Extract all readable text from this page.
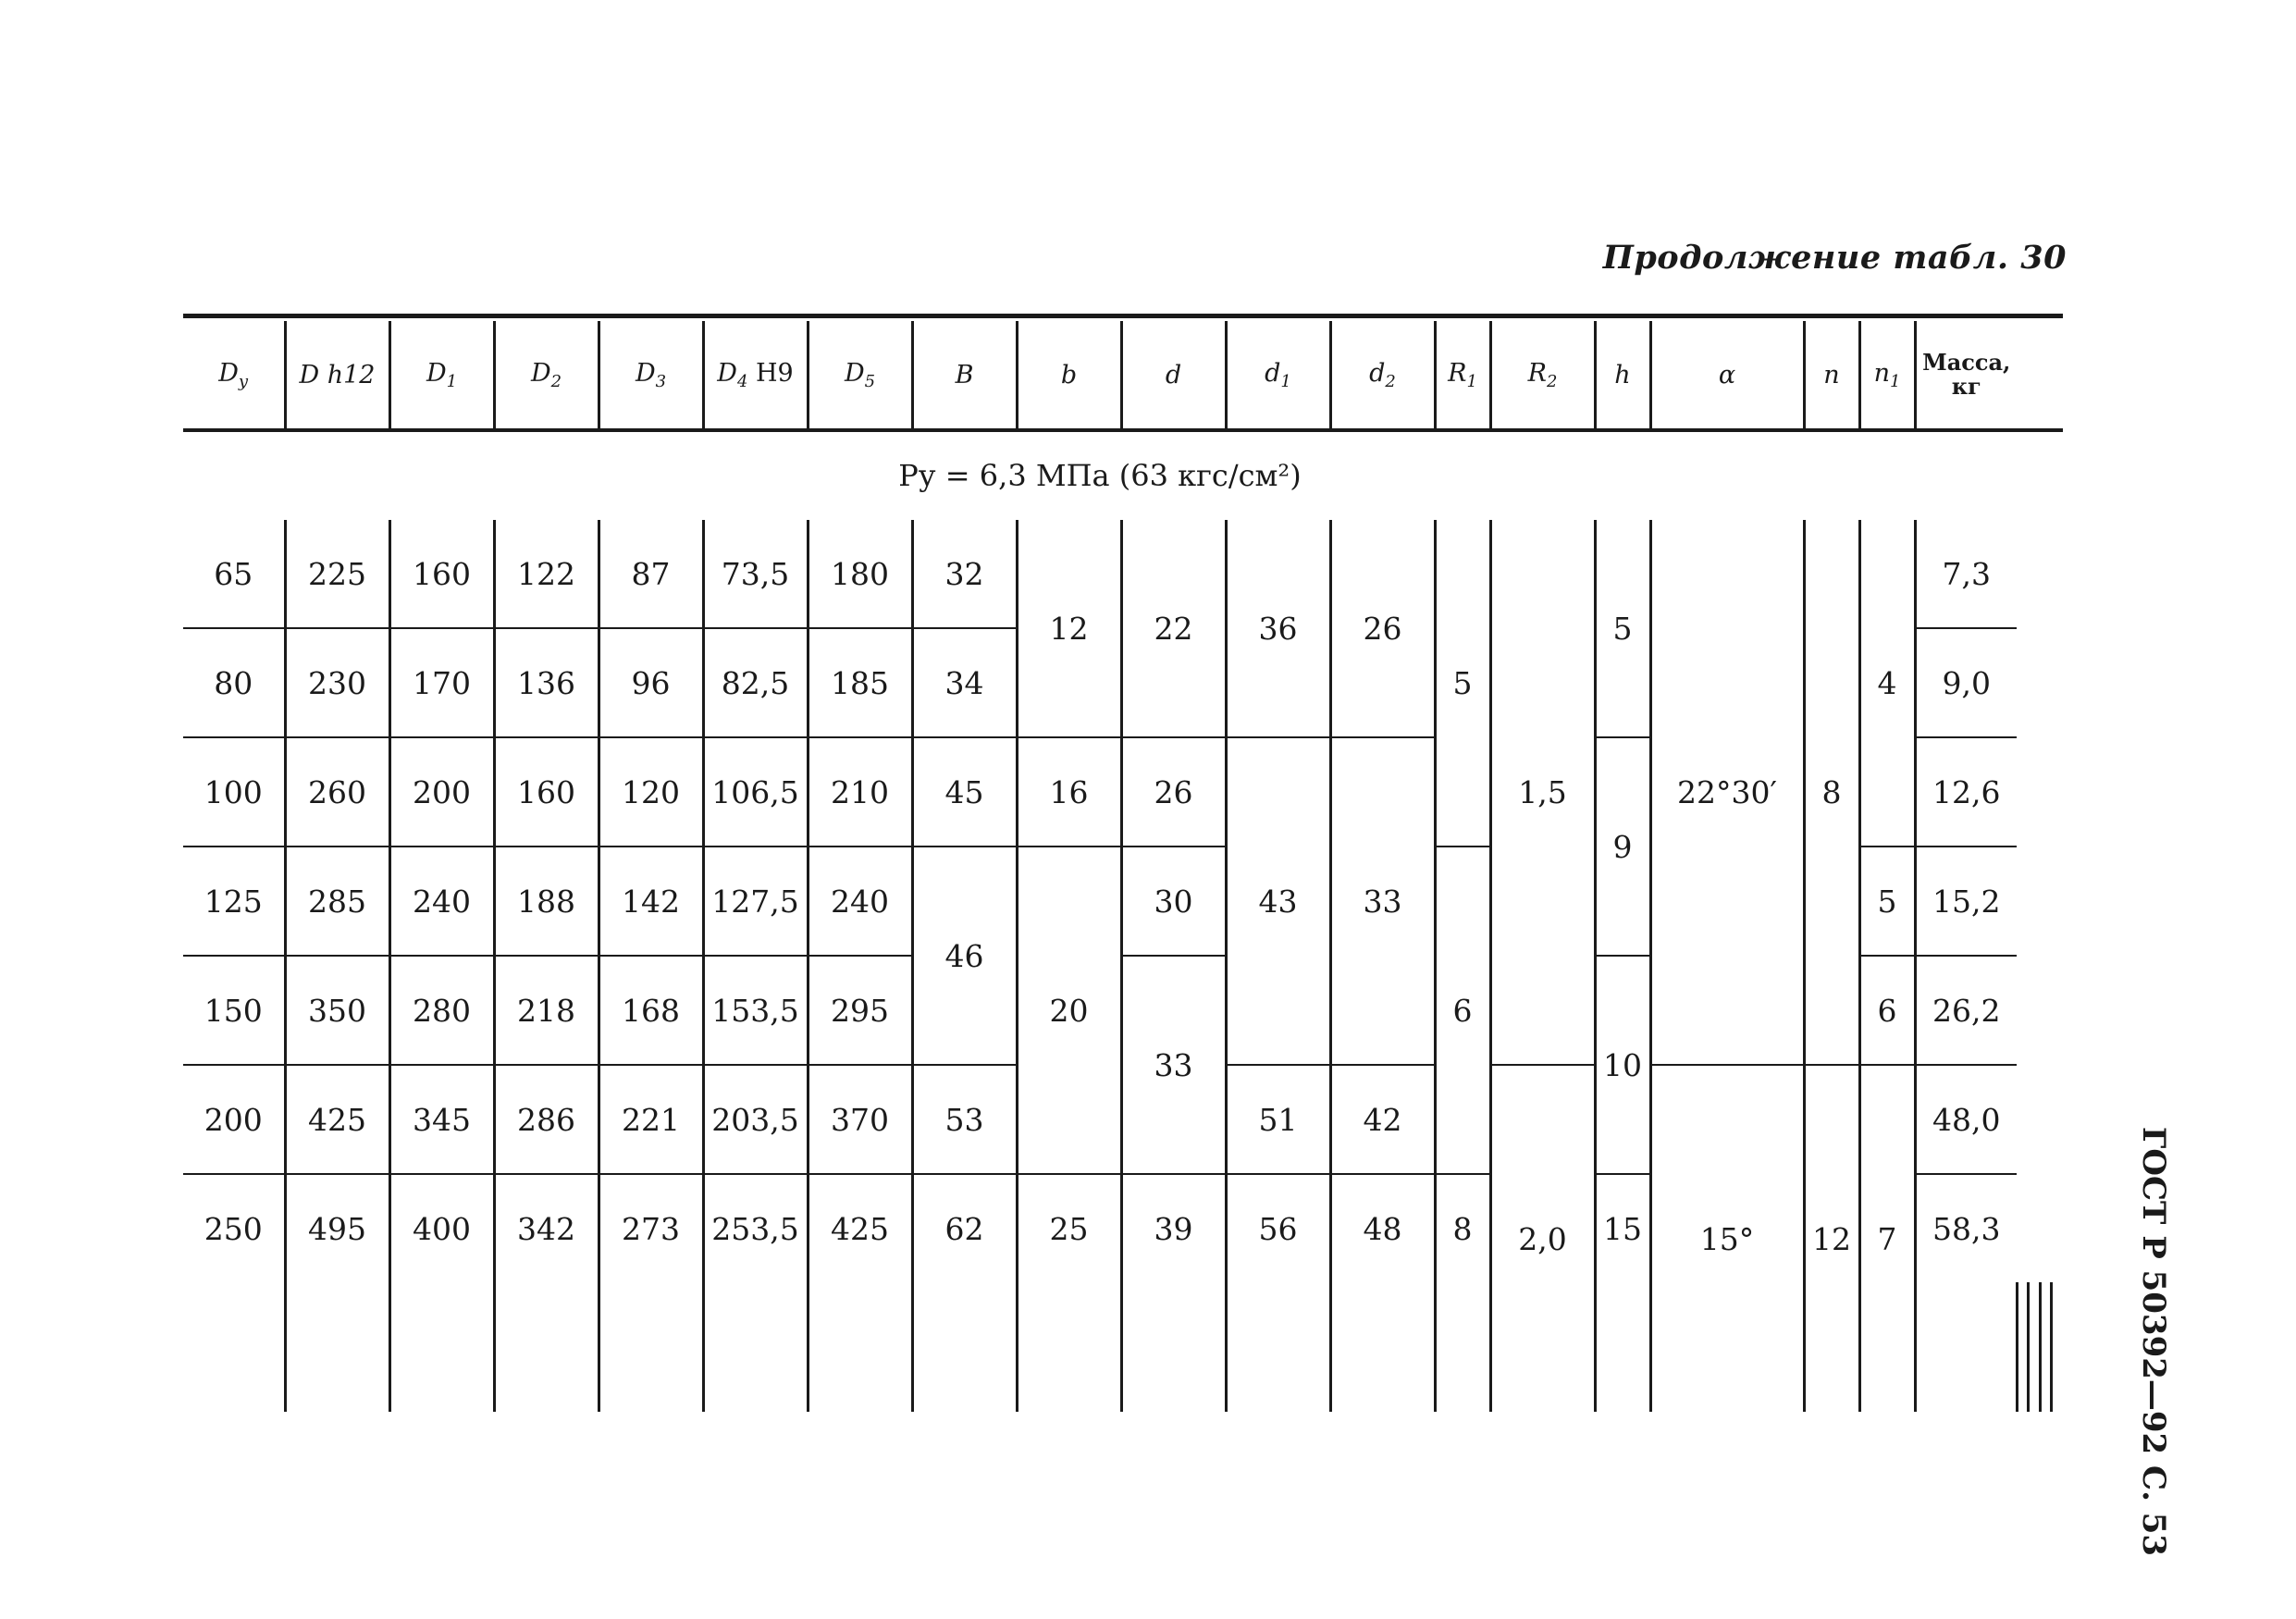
Продолжение табл. 30
ГОСТ Р 50392—92 С. 53
$D_у$	D h12	$D_1$	$D_2$	$D_3$	$D_4$ H9	$D_5$	B	b	d	$d_1$	$d_2$	$R_1$	$R_2$	h	α	n	$n_1$	Масса,
кг				
Pу = 6,3 МПа (63 кгс/см²)																						
65	225	160	122	87	73,5	180	32	12	22	36	26	5	1,5	5	22°30′	8	4	7,3				
80	230	170	136	96	82,5	185	34											9,0				
100	260	200	160	120	106,5	210	45	16	26	43	33			9				12,6				
125	285	240	188	142	127,5	240	46	20	30			6					5	15,2				
150	350	280	218	168	153,5	295			33					10			6	26,2				
200	425	345	286	221	203,5	370	53			51	42		2,0		15°	12	7	48,0				
250	495	400	342	273	253,5	425	62	25	39	56	48	8		15				58,3				
